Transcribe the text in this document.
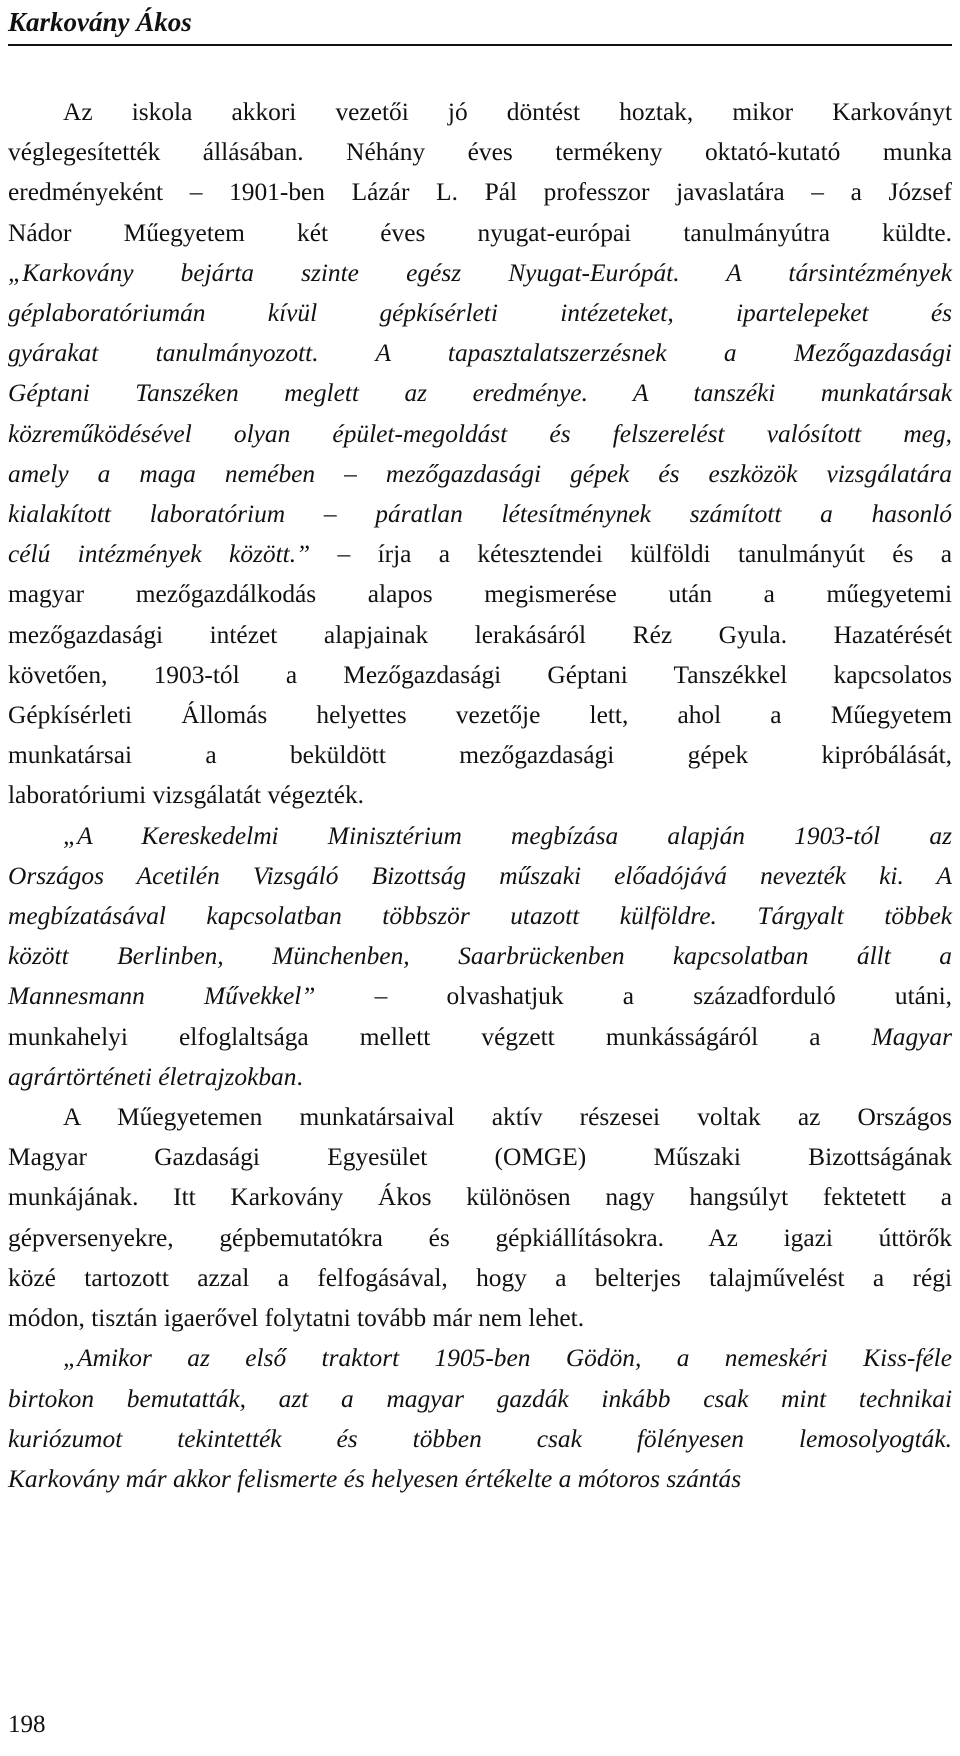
Karkovány Ákos
Az iskola akkori vezetői jó döntést hoztak, mikor Karkoványt
véglegesítették állásában. Néhány éves termékeny oktató-kutató munka
eredményeként – 1901-ben Lázár L. Pál professzor javaslatára – a József
Nádor Műegyetem két éves nyugat-európai tanulmányútra küldte.
„Karkovány bejárta szinte egész Nyugat-Európát. A társintézmények
géplaboratóriumán kívül gépkísérleti intézeteket, ipartelepeket és
gyárakat tanulmányozott. A tapasztalatszerzésnek a Mezőgazdasági
Géptani Tanszéken meglett az eredménye. A tanszéki munkatársak
közreműködésével olyan épület-megoldást és felszerelést valósított meg,
amely a maga nemében – mezőgazdasági gépek és eszközök vizsgálatára
kialakított laboratórium – páratlan létesítménynek számított a hasonló
célú intézmények között.” – írja a kétesztendei külföldi tanulmányút és a
magyar mezőgazdálkodás alapos megismerése után a műegyetemi
mezőgazdasági intézet alapjainak lerakásáról Réz Gyula. Hazatérését
követően, 1903-tól a Mezőgazdasági Géptani Tanszékkel kapcsolatos
Gépkísérleti Állomás helyettes vezetője lett, ahol a Műegyetem
munkatársai a beküldött mezőgazdasági gépek kipróbálását,
laboratóriumi vizsgálatát végezték.
„A Kereskedelmi Minisztérium megbízása alapján 1903-tól az
Országos Acetilén Vizsgáló Bizottság műszaki előadójává nevezték ki. A
megbízatásával kapcsolatban többször utazott külföldre. Tárgyalt többek
között Berlinben, Münchenben, Saarbrückenben kapcsolatban állt a
Mannesmann Művekkel” – olvashatjuk a századforduló utáni,
munkahelyi elfoglaltsága mellett végzett munkásságáról a Magyar
agrártörténeti életrajzokban.
A Műegyetemen munkatársaival aktív részesei voltak az Országos
Magyar Gazdasági Egyesület (OMGE) Műszaki Bizottságának
munkájának. Itt Karkovány Ákos különösen nagy hangsúlyt fektetett a
gépversenyekre, gépbemutatókra és gépkiállításokra. Az igazi úttörők
közé tartozott azzal a felfogásával, hogy a belterjes talajművelést a régi
módon, tisztán igaerővel folytatni tovább már nem lehet.
„Amikor az első traktort 1905-ben Gödön, a nemeskéri Kiss-féle
birtokon bemutatták, azt a magyar gazdák inkább csak mint technikai
kuriózumot tekintették és többen csak fölényesen lemosolyogták.
Karkovány már akkor felismerte és helyesen értékelte a mótoros szántás
198
